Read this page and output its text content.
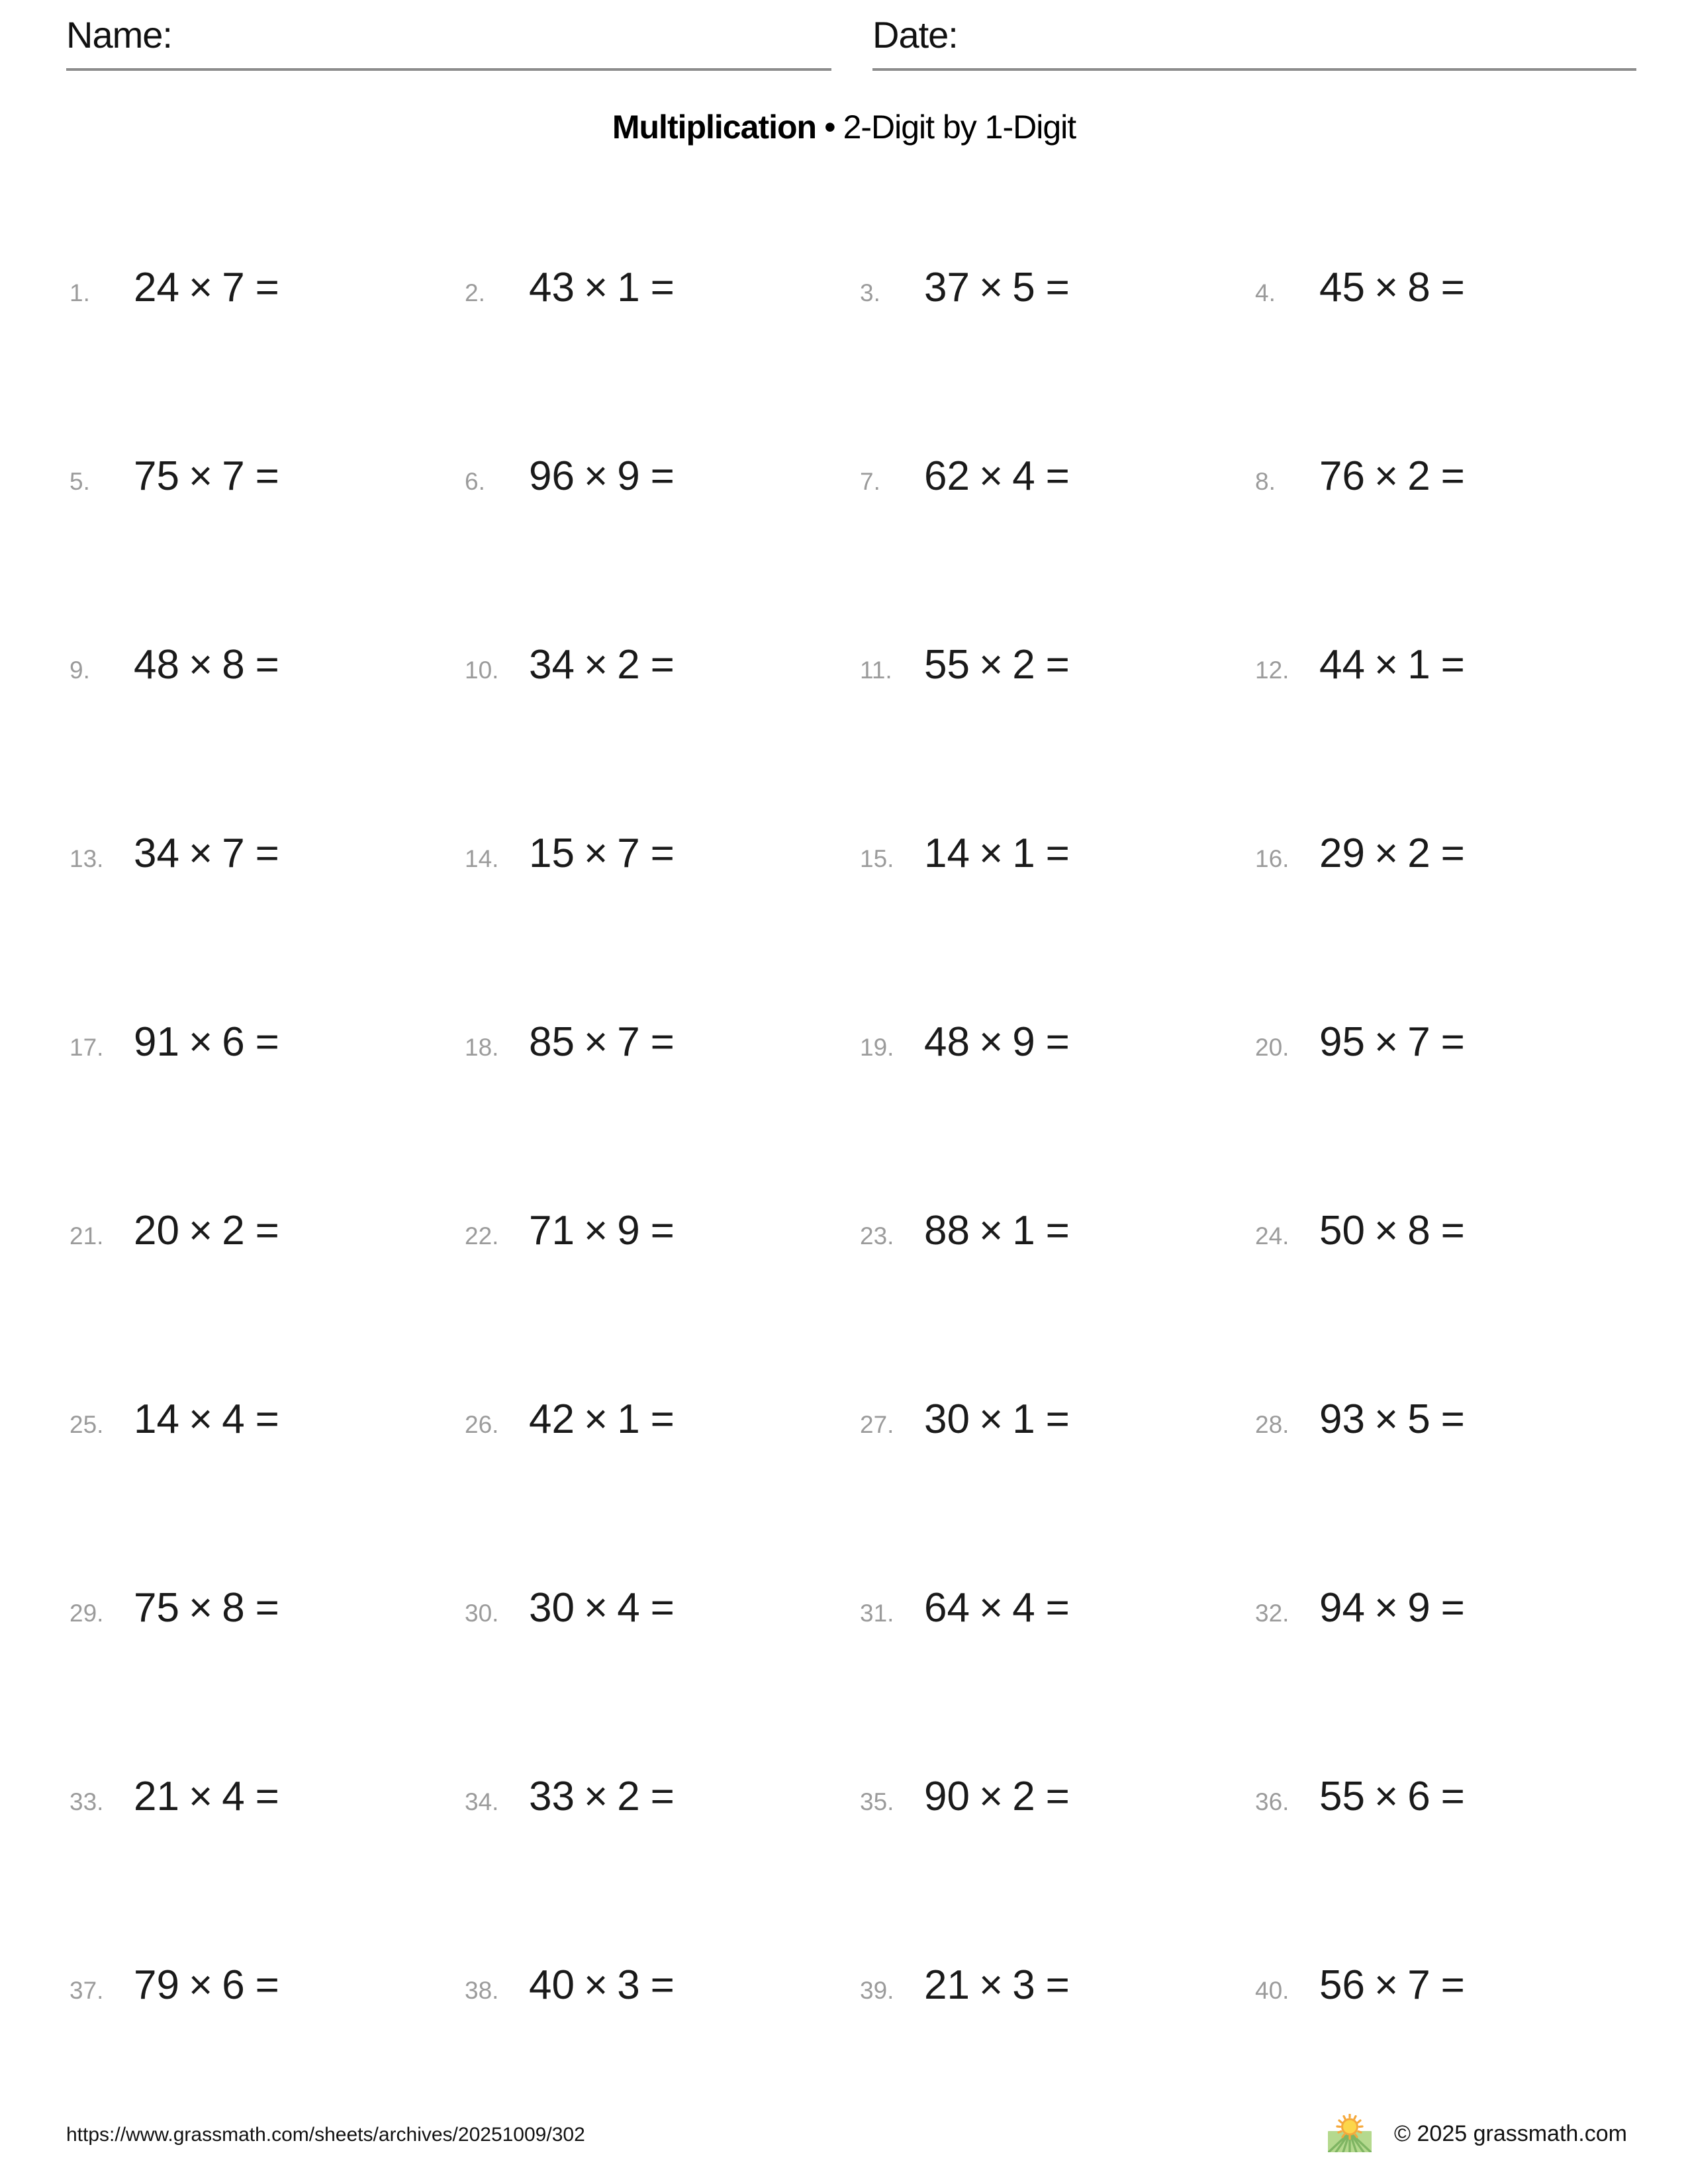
Name:	Date:
Multiplication • 2-Digit by 1-Digit
1.	24 × 7 =	2.	43 × 1 =	3.	37 × 5 =	4.	45 × 8 =
5.	75 × 7 =	6.	96 × 9 =	7.	62 × 4 =	8.	76 × 2 =
9.	48 × 8 =	10. 34 × 2 =	11. 55 × 2 =	12. 44 × 1 =
13. 34 × 7 =	14. 15 × 7 =	15. 14 × 1 =	16. 29 × 2 =
17. 91 × 6 =	18. 85 × 7 =	19. 48 × 9 =	20. 95 × 7 =
21. 20 × 2 =	22. 71 × 9 =	23. 88 × 1 =	24. 50 × 8 =
25. 14 × 4 =	26. 42 × 1 =	27. 30 × 1 =	28. 93 × 5 =
29. 75 × 8 =	30. 30 × 4 =	31. 64 × 4 =	32. 94 × 9 =
33. 21 × 4 =	34. 33 × 2 =	35. 90 × 2 =	36. 55 × 6 =
37. 79 × 6 =	38. 40 × 3 =	39. 21 × 3 =	40. 56 × 7 =
https://www.grassmath.com/sheets/archives/20251009/302	© 2025 grassmath.com
